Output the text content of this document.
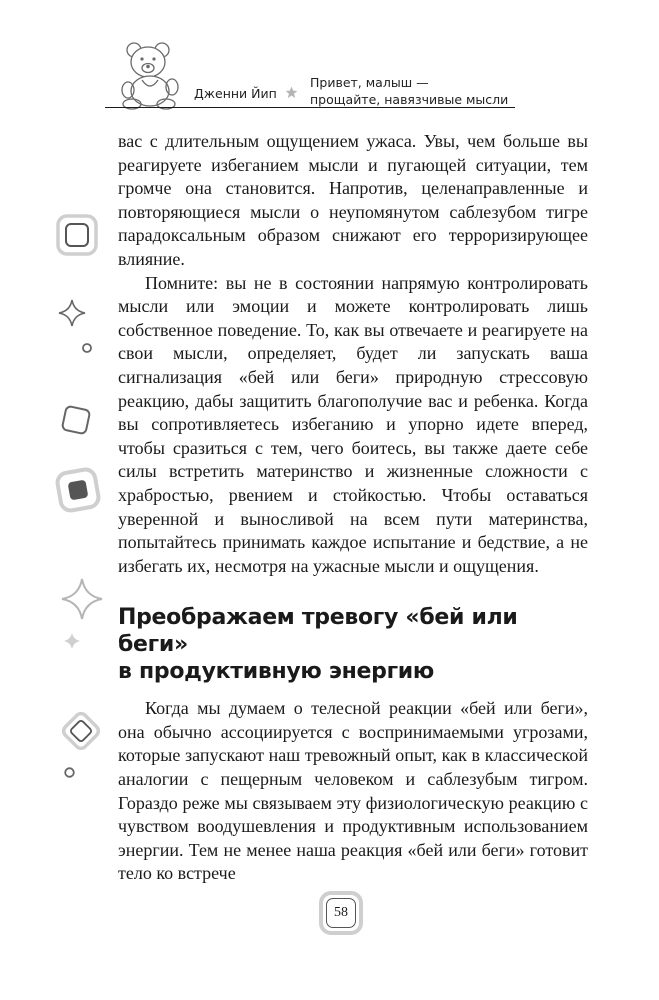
Дженни Йип
Привет, малыш —
прощайте, навязчивые мысли

вас с длительным ощущением ужаса. Увы, чем больше вы реагируете избеганием мысли и пугающей ситуации, тем громче она становится. Напротив, целенаправленные и повторяющиеся мысли о неупомянутом саблезубом тигре парадоксальным образом снижают его терроризирующее влияние.

Помните: вы не в состоянии напрямую контролировать мысли или эмоции и можете контролировать лишь собственное поведение. То, как вы отвечаете и реагируете на свои мысли, определяет, будет ли запускать ваша сигнализация «бей или беги» природную стрессовую реакцию, дабы защитить благополучие вас и ребенка. Когда вы сопротивляетесь избеганию и упорно идете вперед, чтобы сразиться с тем, чего боитесь, вы также даете себе силы встретить материнство и жизненные сложности с храбростью, рвением и стойкостью. Чтобы оставаться уверенной и выносливой на всем пути материнства, попытайтесь принимать каждое испытание и бедствие, а не избегать их, несмотря на ужасные мысли и ощущения.

Преображаем тревогу «бей или беги»
в продуктивную энергию

Когда мы думаем о телесной реакции «бей или беги», она обычно ассоциируется с воспринимаемыми угрозами, которые запускают наш тревожный опыт, как в классической аналогии с пещерным человеком и саблезубым тигром. Гораздо реже мы связываем эту физиологическую реакцию с чувством воодушевления и продуктивным использованием энергии. Тем не менее наша реакция «бей или беги» готовит тело ко встрече

58
